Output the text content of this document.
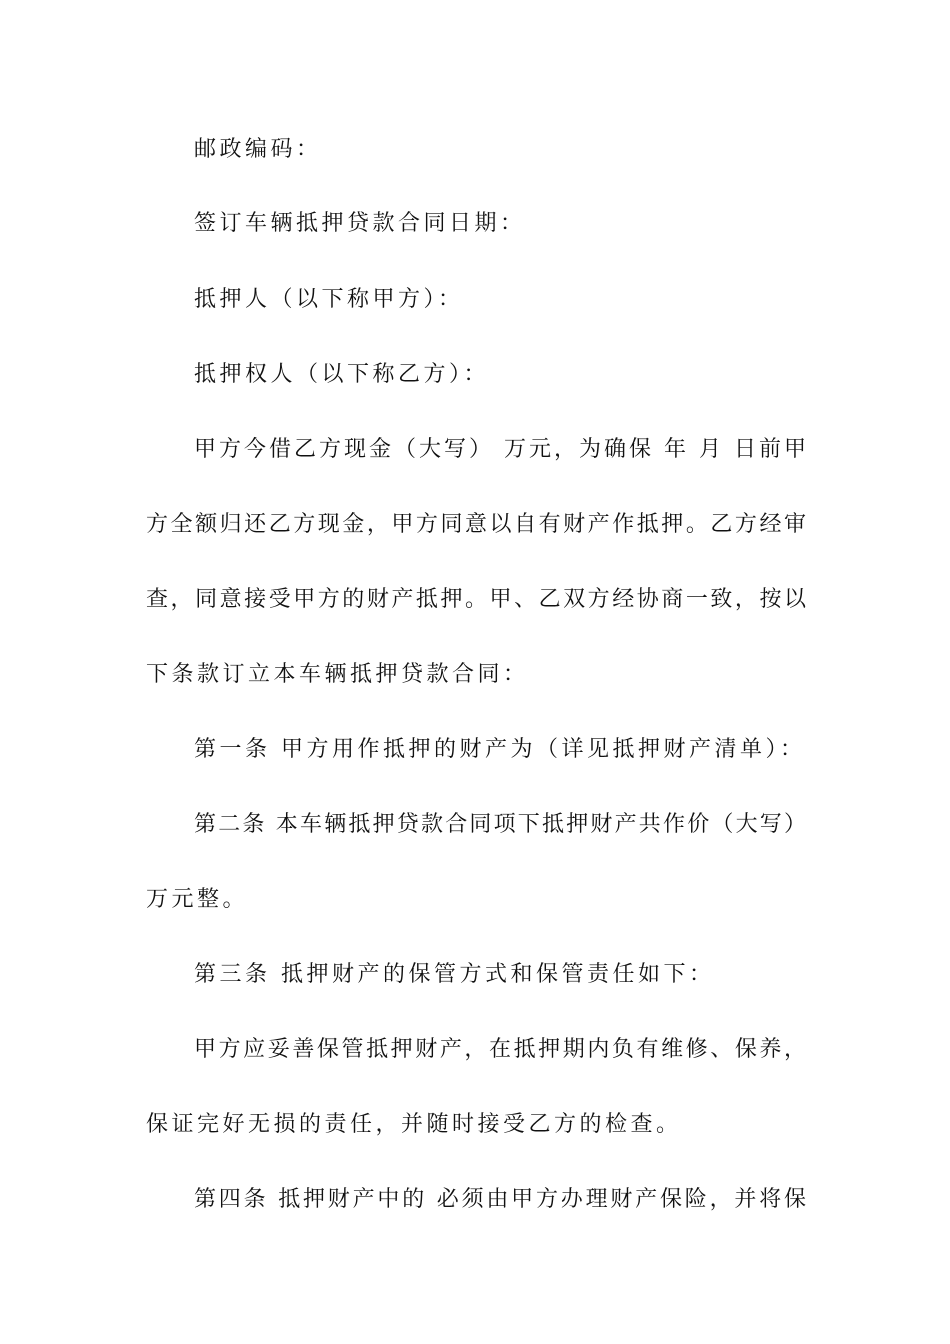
邮政编码：
签订车辆抵押贷款合同日期：
抵押人（以下称甲方）：
抵押权人（以下称乙方）：
甲方今借乙方现金（大写） 万元，为确保 年 月 日前甲
方全额归还乙方现金，甲方同意以自有财产作抵押。乙方经审
查，同意接受甲方的财产抵押。甲、乙双方经协商一致，按以
下条款订立本车辆抵押贷款合同：
第一条 甲方用作抵押的财产为（详见抵押财产清单）：
第二条 本车辆抵押贷款合同项下抵押财产共作价（大写）
万元整。
第三条 抵押财产的保管方式和保管责任如下：
甲方应妥善保管抵押财产，在抵押期内负有维修、保养，
保证完好无损的责任，并随时接受乙方的检查。
第四条 抵押财产中的 必须由甲方办理财产保险，并将保
